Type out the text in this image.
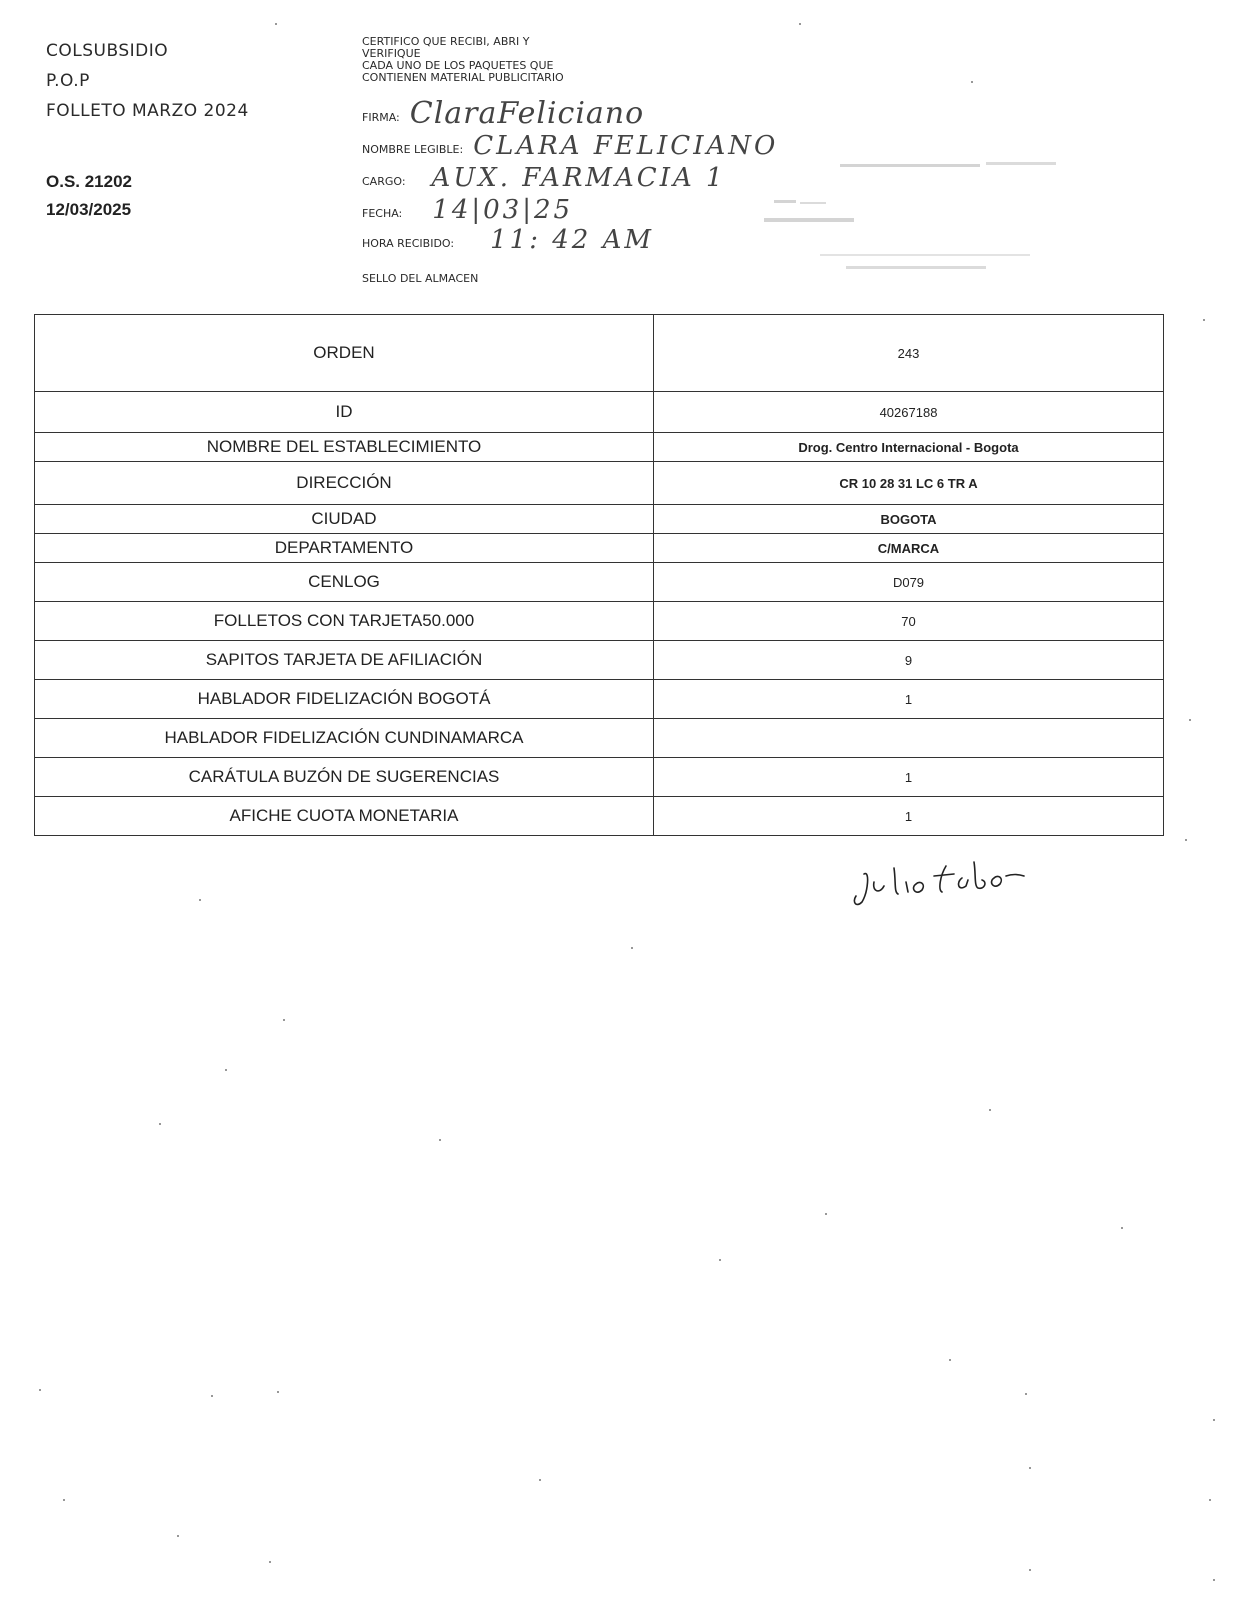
COLSUBSIDIO
P.O.P
FOLLETO MARZO 2024
O.S. 21202
12/03/2025
CERTIFICO QUE RECIBI, ABRI Y
VERIFIQUE
CADA UNO DE LOS PAQUETES QUE
CONTIENEN MATERIAL PUBLICITARIO
FIRMA: ClaraFeliciano
NOMBRE LEGIBLE: CLARA FELICIANO
CARGO: AUX. FARMACIA 1
FECHA: 14|03|25
HORA RECIBIDO: 11: 42 AM
SELLO DEL ALMACEN
ORDEN	243
ID	40267188
NOMBRE DEL ESTABLECIMIENTO	Drog. Centro Internacional - Bogota
DIRECCIÓN	CR 10 28 31 LC 6 TR A
CIUDAD	BOGOTA
DEPARTAMENTO	C/MARCA
CENLOG	D079
FOLLETOS CON TARJETA50.000	70
SAPITOS TARJETA DE AFILIACIÓN	9
HABLADOR FIDELIZACIÓN BOGOTÁ	1
HABLADOR FIDELIZACIÓN CUNDINAMARCA	
CARÁTULA BUZÓN DE SUGERENCIAS	1
AFICHE CUOTA MONETARIA	1
